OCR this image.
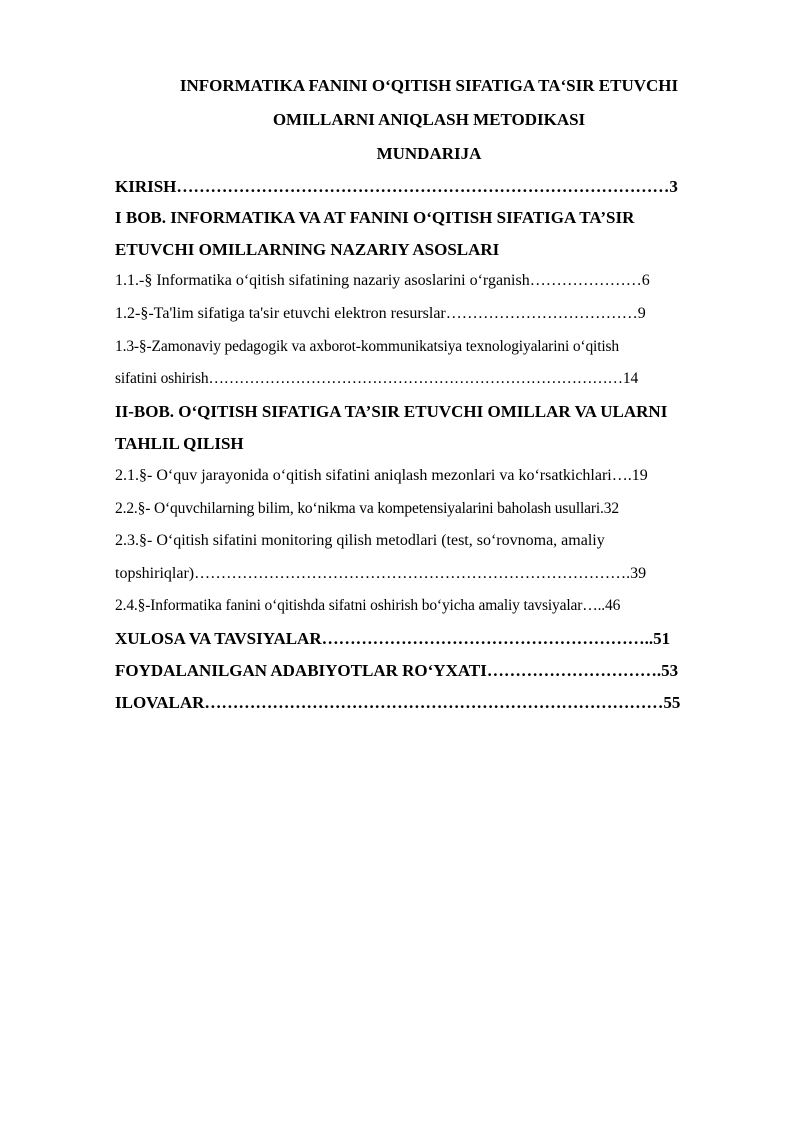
INFORMATIKA FANINI O‘QITISH SIFATIGA TA‘SIR ETUVCHI
OMILLARNI ANIQLASH METODIKASI
MUNDARIJA
KIRISH……………………………………………………………………………3
I BOB. INFORMATIKA VA AT FANINI O‘QITISH SIFATIGA TA’SIR
ETUVCHI OMILLARNING NAZARIY ASOSLARI
1.1.-§ Informatika o‘qitish sifatining nazariy asoslarini o‘rganish…………………6
1.2-§-Ta'lim sifatiga ta'sir etuvchi elektron resurslar………………………………9
1.3-§-Zamonaviy pedagogik va axborot-kommunikatsiya texnologiyalarini o‘qitish
sifatini oshirish………………………………………………………………………14
II-BOB. O‘QITISH SIFATIGA TA’SIR ETUVCHI OMILLAR VA ULARNI
TAHLIL QILISH
2.1.§- O‘quv jarayonida o‘qitish sifatini aniqlash mezonlari va ko‘rsatkichlari….19
2.2.§- O‘quvchilarning bilim, ko‘nikma va kompetensiyalarini baholash usullari.32
2.3.§- O‘qitish sifatini monitoring qilish metodlari (test, so‘rovnoma, amaliy
topshiriqlar)……………………………………………………………………….39
2.4.§-Informatika fanini o‘qitishda sifatni oshirish bo‘yicha amaliy tavsiyalar…..46
XULOSA VA TAVSIYALAR…………………………………………………..51
FOYDALANILGAN ADABIYOTLAR RO‘YXATI………………………….53
ILOVALAR………………………………………………………………………55
